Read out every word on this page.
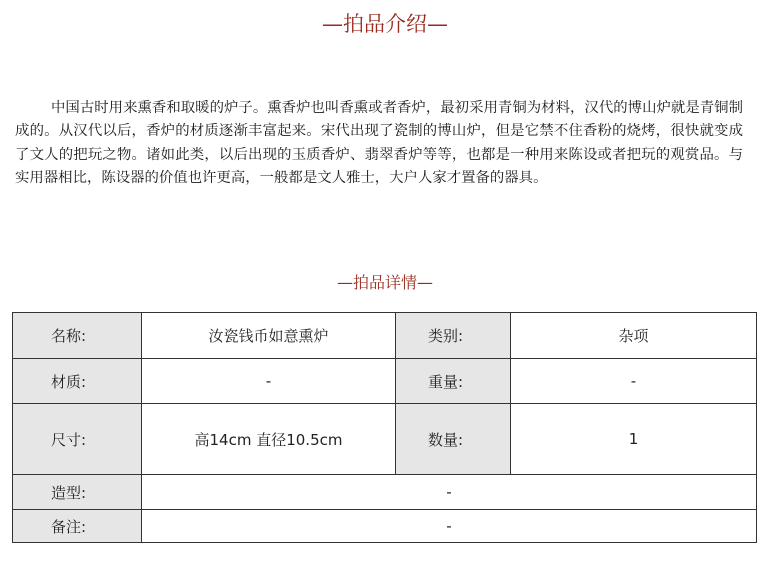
—拍品介绍—

中国古时用来熏香和取暖的炉子。熏香炉也叫香熏或者香炉，最初采用青铜为材料，汉代的博山炉就是青铜制成的。从汉代以后，香炉的材质逐渐丰富起来。宋代出现了瓷制的博山炉，但是它禁不住香粉的烧烤，很快就变成了文人的把玩之物。诸如此类，以后出现的玉质香炉、翡翠香炉等等，也都是一种用来陈设或者把玩的观赏品。与实用器相比，陈设器的价值也许更高，一般都是文人雅士，大户人家才置备的器具。

—拍品详情—
名称:	汝瓷钱币如意熏炉	类别:	杂项
材质:	-	重量:	-
尺寸:	高14cm 直径10.5cm	数量:	1
造型:	-		
备注:	-		
